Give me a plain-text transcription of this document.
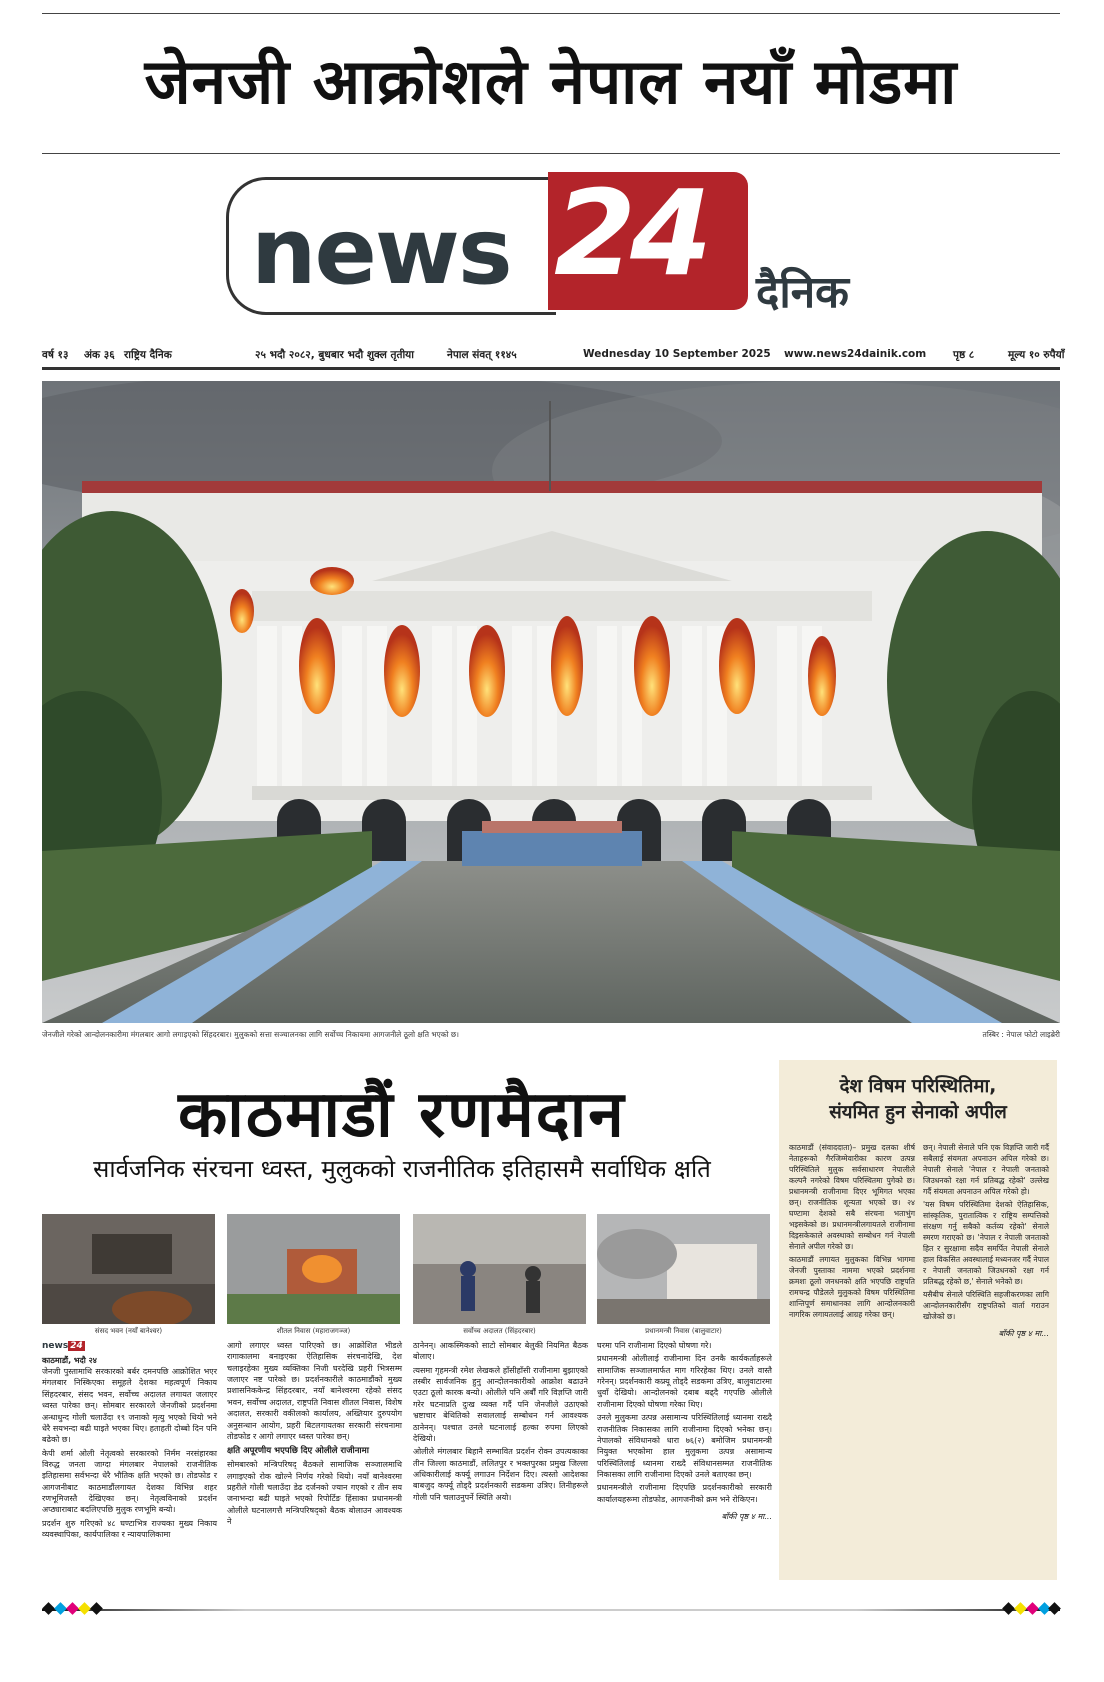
जेनजी आक्रोशले नेपाल नयाँ मोडमा
news 24 दैनिक
वर्ष १३ अंक ३६ राष्ट्रिय दैनिक	२५ भदौ २०८२, बुधबार भदौ शुक्ल तृतीया	नेपाल संवत् ११४५	Wednesday 10 September 2025 www.news24dainik.com	पृष्ठ ८	मूल्य १० रुपैयाँ
जेनजीले गरेको आन्दोलनकारीमा मंगलबार आगो लगाइएको सिंहदरबार। मुलुकको सत्ता सञ्चालनका लागि सर्वोच्च निकायमा आगजनीले ठूलो क्षति भएको छ।	तस्बिर : नेपाल फोटो लाइब्रेरी
काठमाडौं रणमैदान
सार्वजनिक संरचना ध्वस्त, मुलुकको राजनीतिक इतिहासमै सर्वाधिक क्षति
संसद भवन (नयाँ बानेश्वर)	शीतल निवास (महाराजगञ्ज)	सर्वोच्च अदालत (सिंहदरबार)	प्रधानमन्त्री निवास (बालुवाटार)
news 24
काठमाडौं, भदौ २४

जेनजी पुस्तामाथि सरकारको बर्बर दमनपछि आक्रोशित भएर मंगलबार निस्किएका समूहले देशका महत्वपूर्ण निकाय सिंहदरबार, संसद भवन, सर्वोच्च अदालत लगायत जलाएर ध्वस्त पारेका छन्। सोमबार सरकारले जेनजीको प्रदर्शनमा अन्धाधुन्द गोली चलाउँदा १९ जनाको मृत्यु भएको थियो भने धेरै सयभन्दा बढी घाइते भएका थिए। हताहती दोब्बो दिन पनि बढेको छ।

केपी शर्मा ओली नेतृत्वको सरकारको निर्मम नरसंहारका विरुद्ध जनता जाग्दा मंगलबार नेपालको राजनीतिक इतिहासमा सर्वभन्दा धेरै भौतिक क्षति भएको छ। तोडफोड र आगजनीबाट काठमाडौंलगायत देशका विभिन्न शहर रणभूमिजस्तै देखिएका छन्। नेतृत्वविनाको प्रदर्शन अप्ठ्याराबाट बदलिएपछि मुलुक रणभूमि बन्यो।

प्रदर्शन शुरु गरिएको ४८ घण्टाभित्र राज्यका मुख्य निकाय व्यवस्थापिका, कार्यपालिका र न्यायपालिकामा

आगो लगाएर ध्वस्त पारिएको छ। आक्रोशित भीडले रागाकालमा बनाइएका ऐतिहासिक संरचनादेखि, देश चलाइरहेका मुख्य व्यक्तिका निजी घरदेखि प्रहरी भित्रसम्म जलाएर नष्ट पारेको छ। प्रदर्शनकारीले काठमाडौंको मुख्य प्रशासनिककेन्द्र सिंहदरबार, नयाँ बानेश्वरमा रहेको संसद भवन, सर्वोच्च अदालत, राष्ट्रपति निवास शीतल निवास, विशेष अदालत, सरकारी वकीलको कार्यालय, अख्तियार दुरुपयोग अनुसन्धान आयोग, प्रहरी बिटलगायतका सरकारी संरचनामा तोडफोड र आगो लगाएर ध्वस्त पारेका छन्।

क्षति अपूरणीय भएपछि दिए ओलीले राजीनामा

सोमबारको मन्त्रिपरिषद् बैठकले सामाजिक सञ्जालमाथि लगाइएको रोक खोल्ने निर्णय गरेको थियो। नयाँ बानेश्वरमा प्रहरीले गोली चलाउँदा डेढ दर्जनको ज्यान गएको र तीन सय जनाभन्दा बढी घाइते भएको रिपोर्टिङ हिंसाका प्रधानमन्त्री ओलीले घटनालगत्तै मन्त्रिपरिषद्को बैठक बोलाउन आवश्यक ने

ठानेनन्। आकस्मिकको साटो सोमबार बेलुकी नियमित बैठक बोलाए।

त्यसमा गृहमन्त्री रमेश लेखकले हाँसीहाँसी राजीनामा बुझाएको तस्बीर सार्वजनिक हुनु आन्दोलनकारीको आक्रोश बढाउने एउटा ठूलो कारक बन्यो। ओलीले पनि अर्बौं गरि विज्ञप्ति जारी गरेर घटनाप्रति दुःख व्यक्त गर्दै पनि जेनजीले उठाएको भ्रष्टाचार बेथितिको सवाललाई सम्बोधन गर्न आवश्यक ठानेनन्। पश्चात उनले घटनालाई हल्का रुपमा लिएको देखियो।

ओलीले मंगलबार बिहानै सम्भावित प्रदर्शन रोक्न उपत्यकाका तीन जिल्ला काठमाडौं, ललितपुर र भक्तपुरका प्रमुख जिल्ला अधिकारीलाई कर्फ्यू लगाउन निर्देशन दिए। त्यस्तो आदेशका बाबजुद कर्फ्यू तोड्दै प्रदर्शनकारी सडकमा उत्रिए। तिनीहरूले गोली पनि चलाउनुपर्ने स्थिति अयो।

घरमा पनि राजीनामा दिएको घोषणा गरे।

प्रधानमन्त्री ओलीलाई राजीनामा दिन उनकै कार्यकर्ताहरूले सामाजिक सञ्जालमार्फत माग गरिरहेका थिए। उनले वास्तै गरेनन्। प्रदर्शनकारी कफ्र्यू तोड्दै सडकमा उत्रिए, बालुवाटारमा धुवाँ देखियो। आन्दोलनको दबाब बढ्दै गएपछि ओलीले राजीनामा दिएको घोषणा गरेका थिए।

उनले मुलुकमा उत्पन्न असामान्य परिस्थितिलाई ध्यानमा राख्दै राजनीतिक निकासका लागि राजीनामा दिएको भनेका छन्। नेपालको संविधानको धारा ७६(२) बमोजिम प्रधानमन्त्री नियुक्त भएकोमा हाल मुलुकमा उत्पन्न असामान्य परिस्थितिलाई ध्यानमा राख्दै संविधानसम्मत राजनीतिक निकासका लागि राजीनामा दिएको उनले बताएका छन्।

प्रधानमन्त्रीले राजीनामा दिएपछि प्रदर्शनकारीको सरकारी कार्यालयहरूमा तोडफोड, आगजनीको क्रम भने रोकिएन।

बाँकी पृष्ठ ४ मा...
देश विषम परिस्थितिमा,
संयमित हुन सेनाको अपील

काठमाडौं (संवाददाता)– प्रमुख दलका शीर्ष नेताहरूको गैरजिम्मेवारीका कारण उत्पन्न परिस्थितिले मुलुक सर्वसाधारण नेपालीले कल्पनै नगरेको विषम परिस्थितमा पुगेको छ। प्रधानमन्त्री राजीनामा दिएर भूमिगत भएका छन्। राजनीतिक शून्यता भएको छ। २४ घण्टामा देशको सबै संरचना भताभुंग भइसकेको छ। प्रधानमन्त्रीलगायतले राजीनामा दिइसकेकाले अवस्थाको सम्बोधन गर्न नेपाली सेनाले अपील गरेको छ।

काठमाडौं लगायत मुलुकका विभिन्न भागमा जेनजी पुस्ताका नाममा भएको प्रदर्शनमा क्रमशः ठूलो जनधनको क्षति भएपछि राष्ट्रपति रामचन्द्र पौडेलले मुलुकको विषम परिस्थितिमा शान्तिपूर्ण समाधानका लागि आन्दोलनकारी नागरिक लगायतलाई आग्रह गरेका छन्।

छन्। नेपाली सेनाले पनि एक विज्ञप्ति जारी गर्दै सबैलाई संयमता अपनाउन अपिल गरेको छ। नेपाली सेनाले 'नेपाल र नेपाली जनताको जिउधनको रक्षा गर्न प्रतिबद्ध रहेको' उल्लेख गर्दै संयमता अपनाउन अपिल गरेको हो।

'यस विषम परिस्थितिमा देशको ऐतिहासिक, सांस्कृतिक, पुरातात्विक र राष्ट्रिय सम्पत्तिको संरक्षण गर्नु सबैको कर्तव्य रहेको' सेनाले स्मरण गराएको छ। 'नेपाल र नेपाली जनताको हित र सुरक्षामा सदैव समर्पित नेपाली सेनाले हाल विकसित अवस्थालाई मध्यनजर गर्दै नेपाल र नेपाली जनताको जिउधनको रक्षा गर्न प्रतिबद्ध रहेको छ,' सेनाले भनेको छ।

यसैबीच सेनाले परिस्थिति सहजीकरणका लागि आन्दोलनकारीसँग राष्ट्रपतिको वार्ता गराउन खोजेको छ।

बाँकी पृष्ठ ४ मा...
